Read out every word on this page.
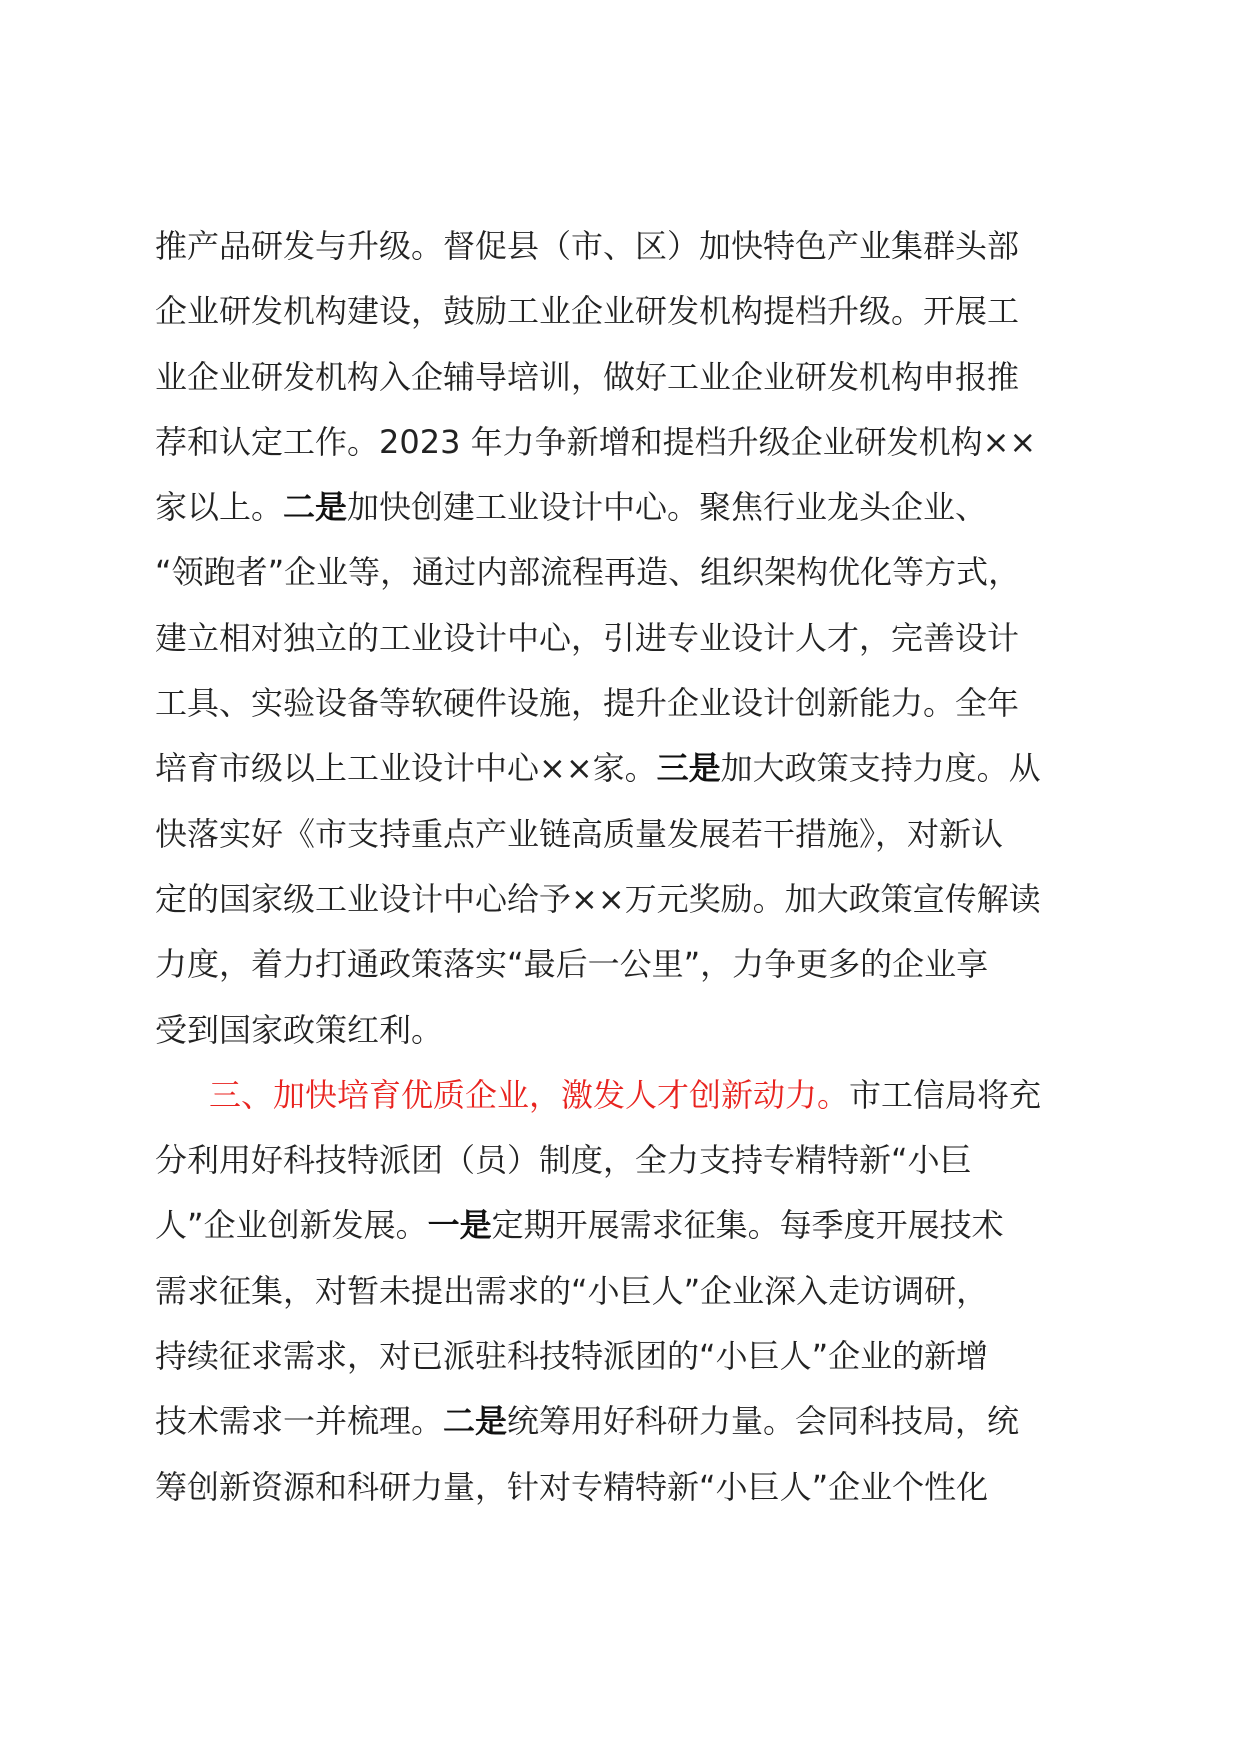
推产品研发与升级。督促县（市、区）加快特色产业集群头部
企业研发机构建设，鼓励工业企业研发机构提档升级。开展工
业企业研发机构入企辅导培训，做好工业企业研发机构申报推
荐和认定工作。2023 年力争新增和提档升级企业研发机构××
家以上。二是加快创建工业设计中心。聚焦行业龙头企业、
“领跑者”企业等，通过内部流程再造、组织架构优化等方式，
建立相对独立的工业设计中心，引进专业设计人才，完善设计
工具、实验设备等软硬件设施，提升企业设计创新能力。全年
培育市级以上工业设计中心××家。三是加大政策支持力度。从
快落实好《市支持重点产业链高质量发展若干措施》，对新认
定的国家级工业设计中心给予××万元奖励。加大政策宣传解读
力度，着力打通政策落实“最后一公里”，力争更多的企业享
受到国家政策红利。
三、加快培育优质企业，激发人才创新动力。市工信局将充
分利用好科技特派团（员）制度，全力支持专精特新“小巨
人”企业创新发展。一是定期开展需求征集。每季度开展技术
需求征集，对暂未提出需求的“小巨人”企业深入走访调研，
持续征求需求，对已派驻科技特派团的“小巨人”企业的新增
技术需求一并梳理。二是统筹用好科研力量。会同科技局，统
筹创新资源和科研力量，针对专精特新“小巨人”企业个性化
